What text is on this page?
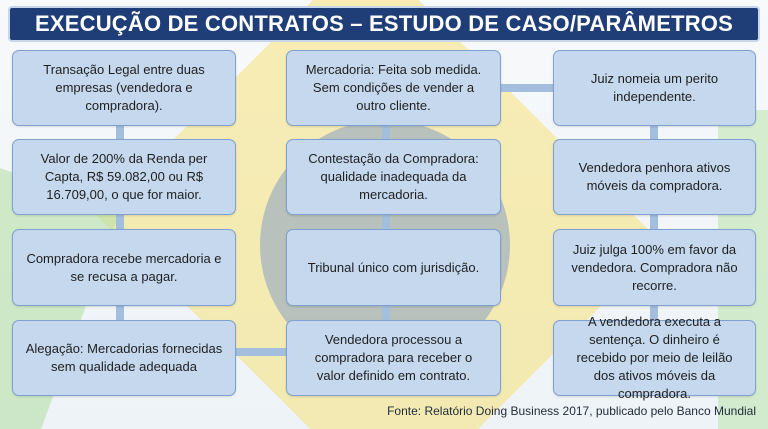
EXECUÇÃO DE CONTRATOS – ESTUDO DE CASO/PARÂMETROS
Transação Legal entre duas empresas (vendedora e compradora).
Valor de 200% da Renda per Capta, R$ 59.082,00 ou R$ 16.709,00, o que for maior.
Compradora recebe mercadoria e se recusa a pagar.
Alegação: Mercadorias fornecidas sem qualidade adequada
Mercadoria: Feita sob medida. Sem condições de vender a outro cliente.
Contestação da Compradora: qualidade inadequada da mercadoria.
Tribunal único com jurisdição.
Vendedora processou a compradora para receber o valor definido em contrato.
Juiz nomeia um perito independente.
Vendedora penhora ativos móveis da compradora.
Juiz julga 100% em favor da vendedora. Compradora não recorre.
A vendedora executa a sentença. O dinheiro é recebido por meio de leilão dos ativos móveis da compradora.
Fonte: Relatório Doing Business 2017, publicado pelo Banco Mundial
